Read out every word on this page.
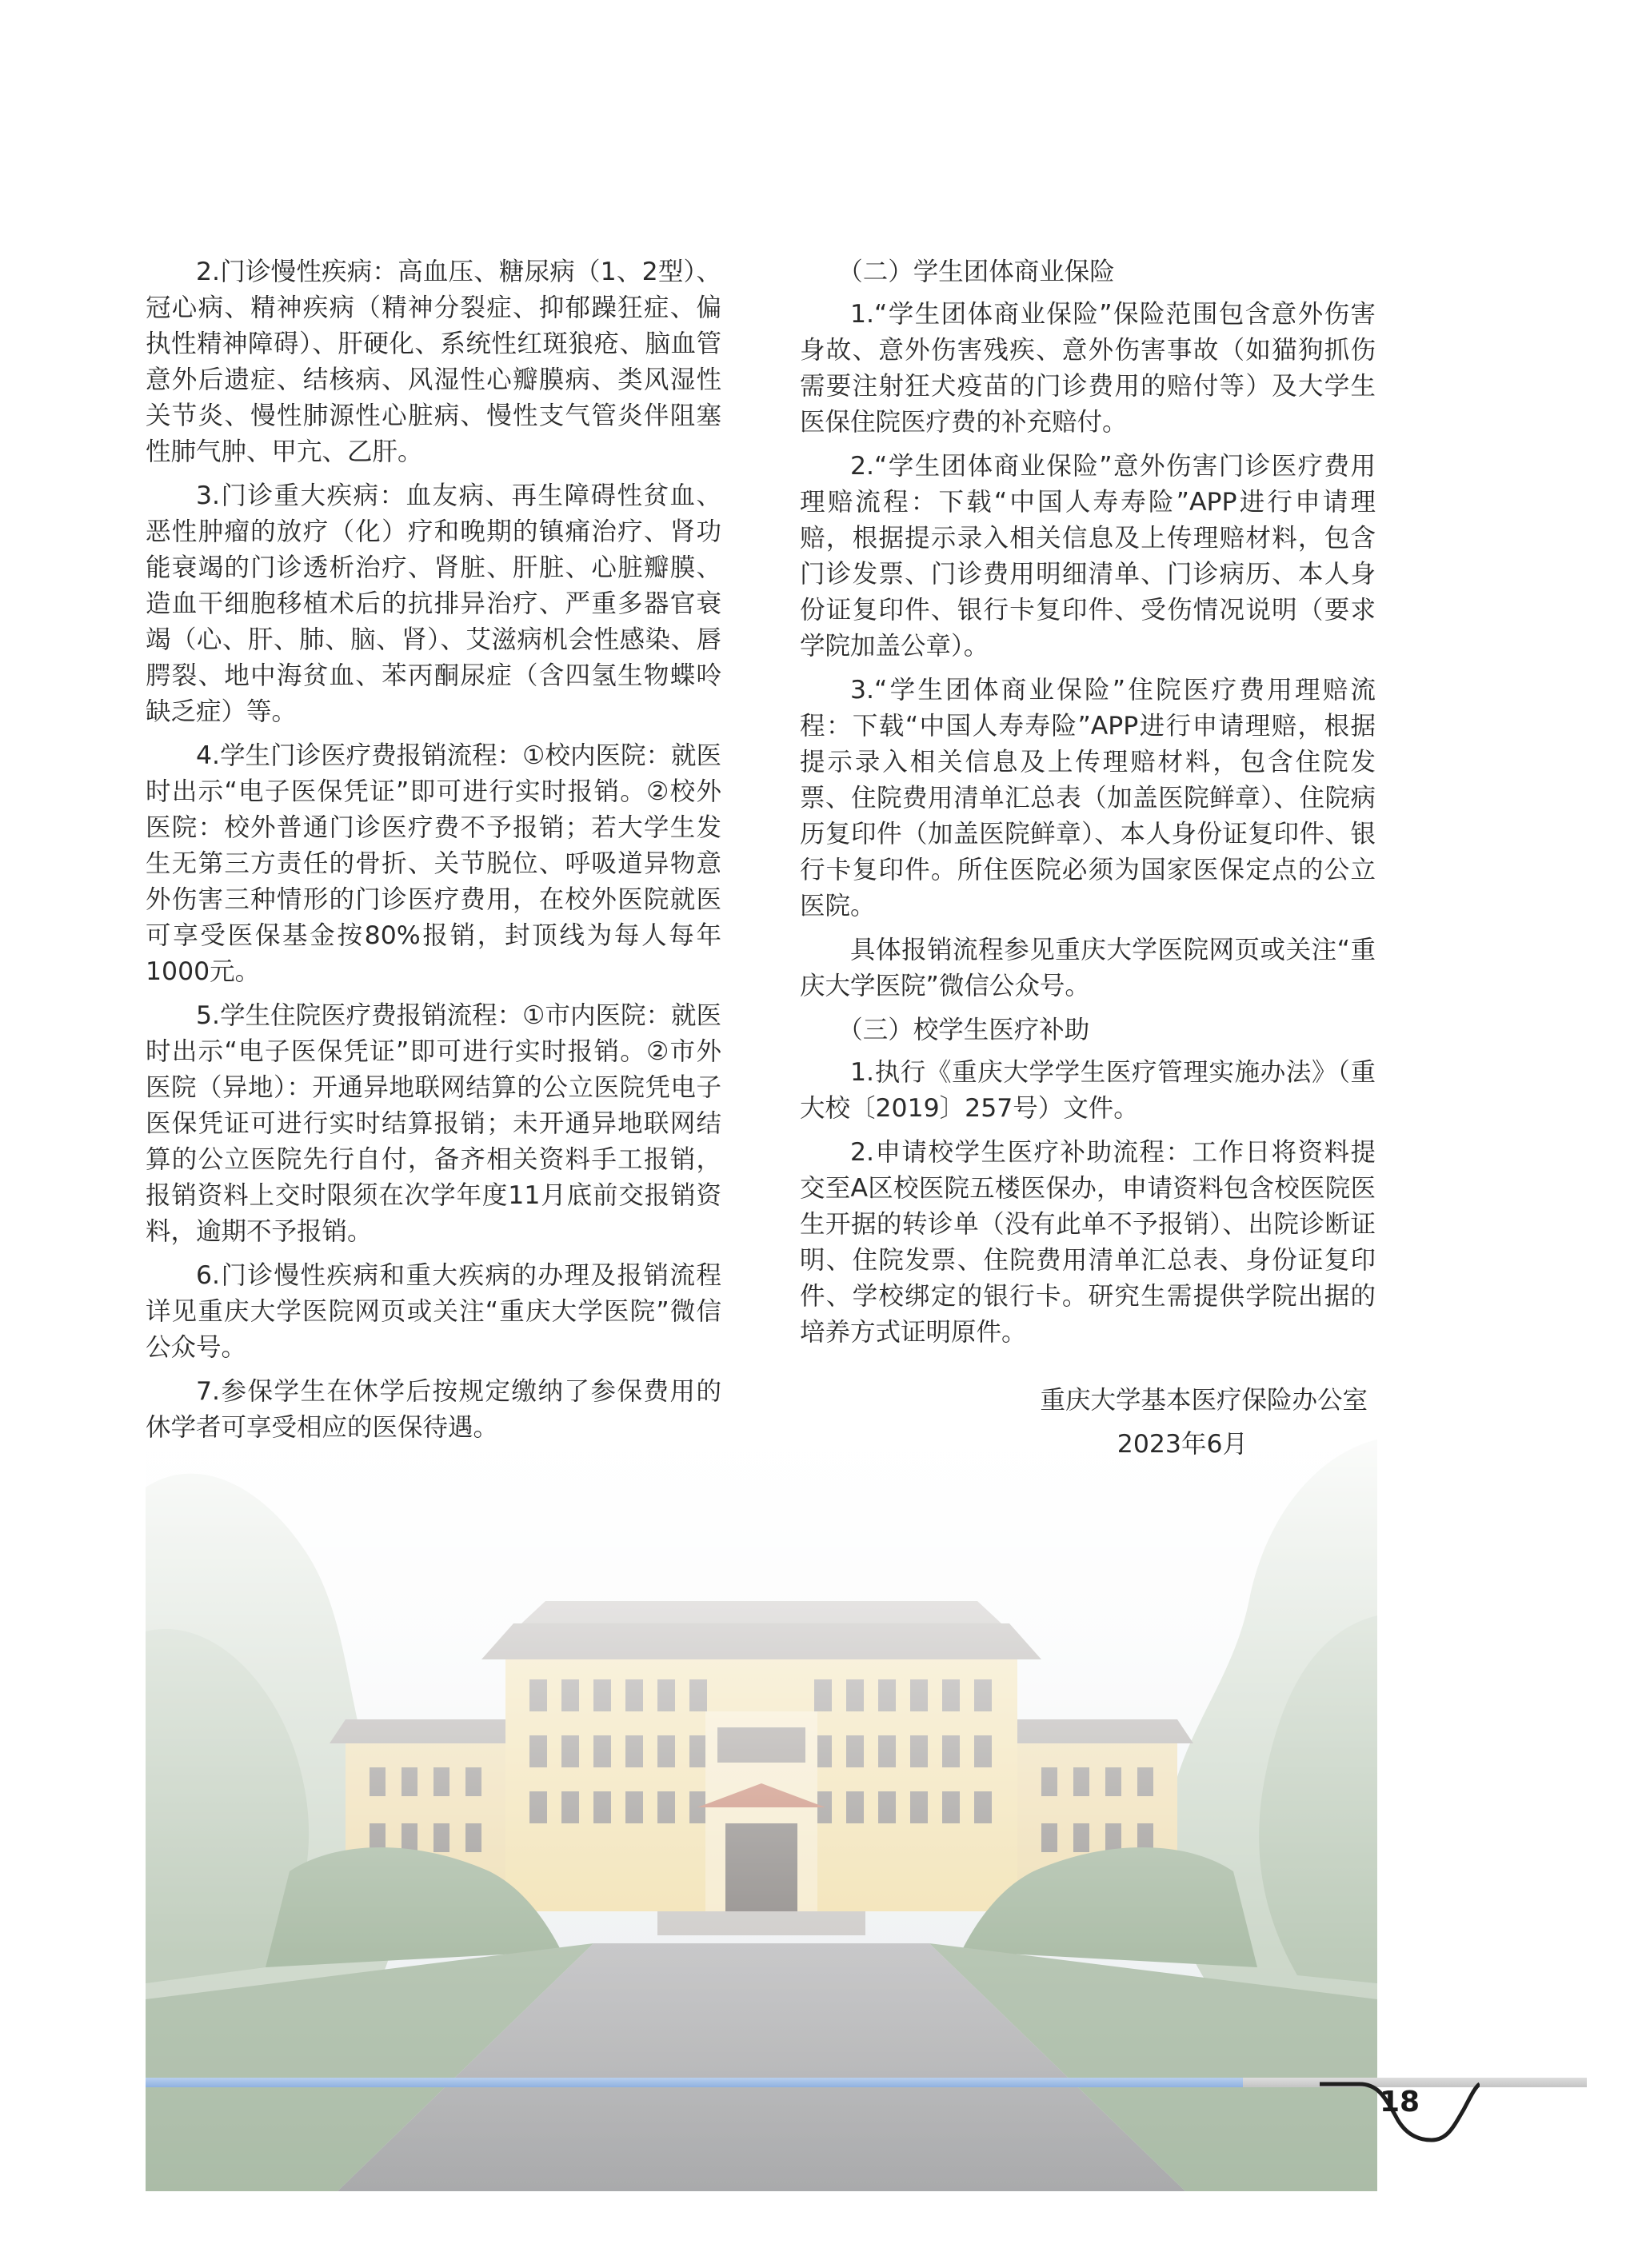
2.门诊慢性疾病：高血压、糖尿病（1、2型）、冠心病、精神疾病（精神分裂症、抑郁躁狂症、偏执性精神障碍）、肝硬化、系统性红斑狼疮、脑血管意外后遗症、结核病、风湿性心瓣膜病、类风湿性关节炎、慢性肺源性心脏病、慢性支气管炎伴阻塞性肺气肿、甲亢、乙肝。

3.门诊重大疾病：血友病、再生障碍性贫血、恶性肿瘤的放疗（化）疗和晚期的镇痛治疗、肾功能衰竭的门诊透析治疗、肾脏、肝脏、心脏瓣膜、造血干细胞移植术后的抗排异治疗、严重多器官衰竭（心、肝、肺、脑、肾）、艾滋病机会性感染、唇腭裂、地中海贫血、苯丙酮尿症（含四氢生物蝶呤缺乏症）等。

4.学生门诊医疗费报销流程：①校内医院：就医时出示“电子医保凭证”即可进行实时报销。②校外医院：校外普通门诊医疗费不予报销；若大学生发生无第三方责任的骨折、关节脱位、呼吸道异物意外伤害三种情形的门诊医疗费用，在校外医院就医可享受医保基金按80%报销，封顶线为每人每年1000元。

5.学生住院医疗费报销流程：①市内医院：就医时出示“电子医保凭证”即可进行实时报销。②市外医院（异地）：开通异地联网结算的公立医院凭电子医保凭证可进行实时结算报销；未开通异地联网结算的公立医院先行自付，备齐相关资料手工报销，报销资料上交时限须在次学年度11月底前交报销资料，逾期不予报销。

6.门诊慢性疾病和重大疾病的办理及报销流程详见重庆大学医院网页或关注“重庆大学医院”微信公众号。

7.参保学生在休学后按规定缴纳了参保费用的休学者可享受相应的医保待遇。

（二）学生团体商业保险

1.“学生团体商业保险”保险范围包含意外伤害身故、意外伤害残疾、意外伤害事故（如猫狗抓伤需要注射狂犬疫苗的门诊费用的赔付等）及大学生医保住院医疗费的补充赔付。

2.“学生团体商业保险”意外伤害门诊医疗费用理赔流程：下载“中国人寿寿险”APP进行申请理赔，根据提示录入相关信息及上传理赔材料，包含门诊发票、门诊费用明细清单、门诊病历、本人身份证复印件、银行卡复印件、受伤情况说明（要求学院加盖公章）。

3.“学生团体商业保险”住院医疗费用理赔流程：下载“中国人寿寿险”APP进行申请理赔，根据提示录入相关信息及上传理赔材料，包含住院发票、住院费用清单汇总表（加盖医院鲜章）、住院病历复印件（加盖医院鲜章）、本人身份证复印件、银行卡复印件。所住医院必须为国家医保定点的公立医院。

具体报销流程参见重庆大学医院网页或关注“重庆大学医院”微信公众号。

（三）校学生医疗补助

1.执行《重庆大学学生医疗管理实施办法》（重大校〔2019〕257号）文件。

2.申请校学生医疗补助流程：工作日将资料提交至A区校医院五楼医保办，申请资料包含校医院医生开据的转诊单（没有此单不予报销）、出院诊断证明、住院发票、住院费用清单汇总表、身份证复印件、学校绑定的银行卡。研究生需提供学院出据的培养方式证明原件。

重庆大学基本医疗保险办公室

2023年6月

18
